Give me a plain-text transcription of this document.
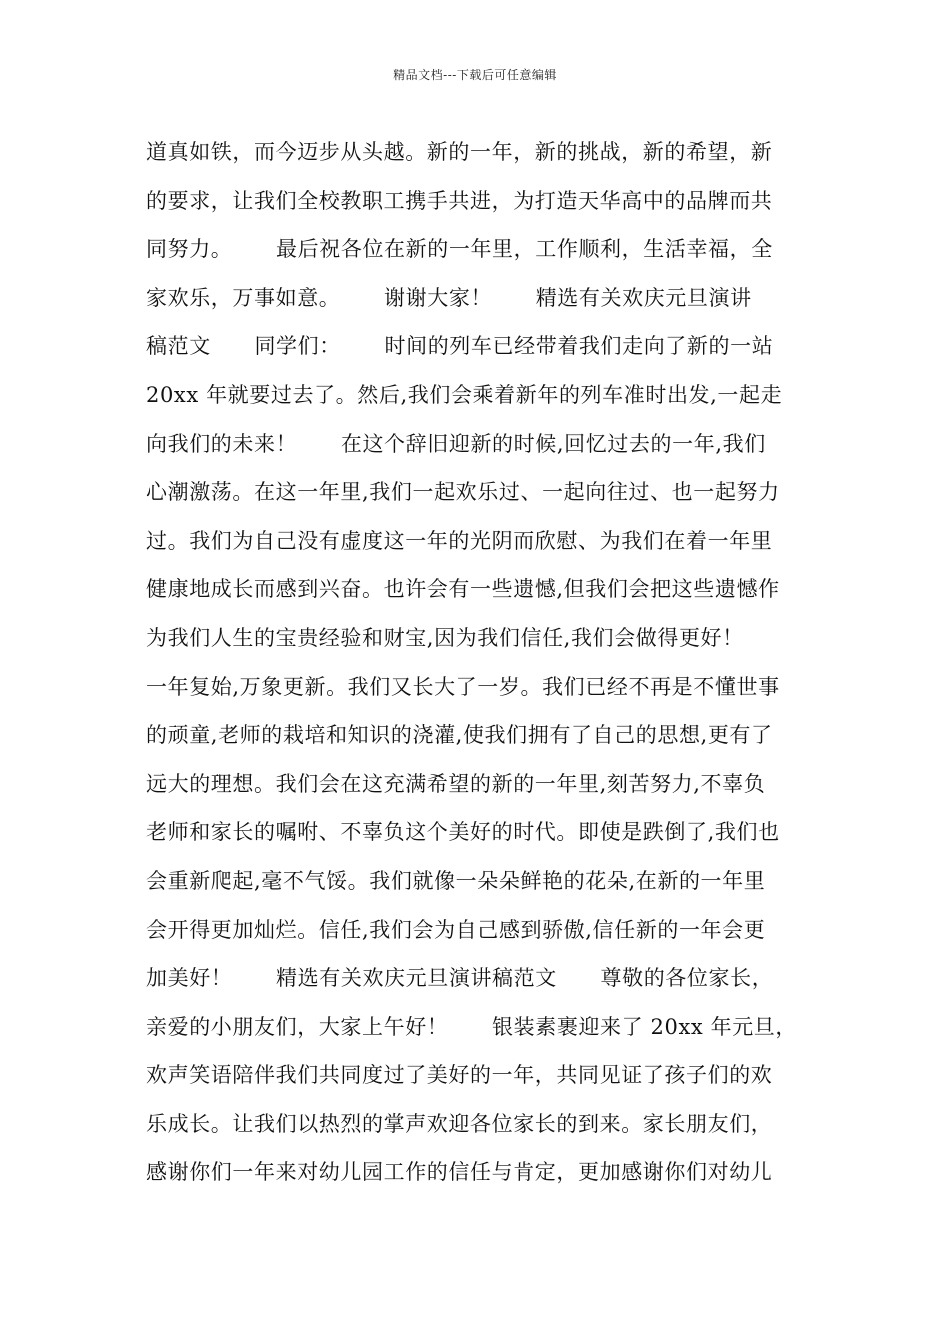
精品文档---下载后可任意编辑
道真如铁，而今迈步从头越。新的一年，新的挑战，新的希望，新
的要求，让我们全校教职工携手共进，为打造天华高中的品牌而共
同努力。      最后祝各位在新的一年里，工作顺利，生活幸福，全
家欢乐，万事如意。      谢谢大家！      精选有关欢庆元旦演讲
稿范文      同学们：      时间的列车已经带着我们走向了新的一站
20xx 年就要过去了。然后,我们会乘着新年的列车准时出发,一起走
向我们的未来！      在这个辞旧迎新的时候,回忆过去的一年,我们
心潮激荡。在这一年里,我们一起欢乐过、一起向往过、也一起努力
过。我们为自己没有虚度这一年的光阴而欣慰、为我们在着一年里
健康地成长而感到兴奋。也许会有一些遗憾,但我们会把这些遗憾作
为我们人生的宝贵经验和财宝,因为我们信任,我们会做得更好！
一年复始,万象更新。我们又长大了一岁。我们已经不再是不懂世事
的顽童,老师的栽培和知识的浇灌,使我们拥有了自己的思想,更有了
远大的理想。我们会在这充满希望的新的一年里,刻苦努力,不辜负
老师和家长的嘱咐、不辜负这个美好的时代。即使是跌倒了,我们也
会重新爬起,毫不气馁。我们就像一朵朵鲜艳的花朵,在新的一年里
会开得更加灿烂。信任,我们会为自己感到骄傲,信任新的一年会更
加美好！      精选有关欢庆元旦演讲稿范文      尊敬的各位家长，
亲爱的小朋友们，大家上午好！      银装素裹迎来了 20xx 年元旦，
欢声笑语陪伴我们共同度过了美好的一年，共同见证了孩子们的欢
乐成长。让我们以热烈的掌声欢迎各位家长的到来。家长朋友们，
感谢你们一年来对幼儿园工作的信任与肯定，更加感谢你们对幼儿
